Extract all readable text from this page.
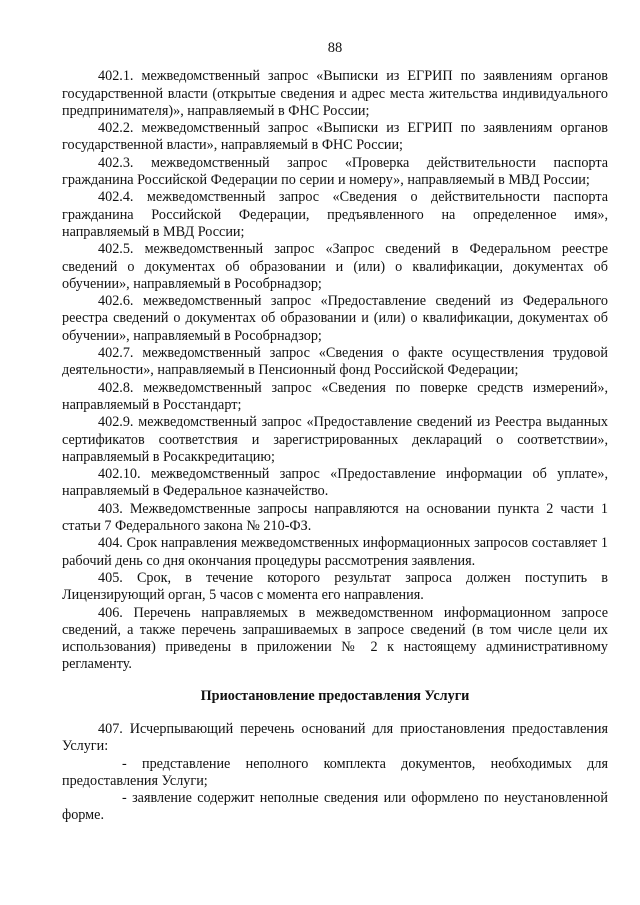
88

402.1. межведомственный запрос «Выписки из ЕГРИП по заявлениям органов государственной власти (открытые сведения и адрес места жительства индивидуального предпринимателя)», направляемый в ФНС России;

402.2. межведомственный запрос «Выписки из ЕГРИП по заявлениям органов государственной власти», направляемый в ФНС России;

402.3. межведомственный запрос «Проверка действительности паспорта гражданина Российской Федерации по серии и номеру», направляемый в МВД России;

402.4. межведомственный запрос «Сведения о действительности паспорта гражданина Российской Федерации, предъявленного на определенное имя», направляемый в МВД России;

402.5. межведомственный запрос «Запрос сведений в Федеральном реестре сведений о документах об образовании и (или) о квалификации, документах об обучении», направляемый в Рособрнадзор;

402.6. межведомственный запрос «Предоставление сведений из Федерального реестра сведений о документах об образовании и (или) о квалификации, документах об обучении», направляемый в Рособрнадзор;

402.7. межведомственный запрос «Сведения о факте осуществления трудовой деятельности», направляемый в Пенсионный фонд Российской Федерации;

402.8. межведомственный запрос «Сведения по поверке средств измерений», направляемый в Росстандарт;

402.9. межведомственный запрос «Предоставление сведений из Реестра выданных сертификатов соответствия и зарегистрированных деклараций о соответствии», направляемый в Росаккредитацию;

402.10. межведомственный запрос «Предоставление информации об уплате», направляемый в Федеральное казначейство.

403. Межведомственные запросы направляются на основании пункта 2 части 1 статьи 7 Федерального закона № 210-ФЗ.

404. Срок направления межведомственных информационных запросов составляет 1 рабочий день со дня окончания процедуры рассмотрения заявления.

405. Срок, в течение которого результат запроса должен поступить в Лицензирующий орган, 5 часов с момента его направления.

406. Перечень направляемых в межведомственном информационном запросе сведений, а также перечень запрашиваемых в запросе сведений (в том числе цели их использования) приведены в приложении № 2 к настоящему административному регламенту.

Приостановление предоставления Услуги

407. Исчерпывающий перечень оснований для приостановления предоставления Услуги:

- представление неполного комплекта документов, необходимых для предоставления Услуги;

- заявление содержит неполные сведения или оформлено по неустановленной форме.
